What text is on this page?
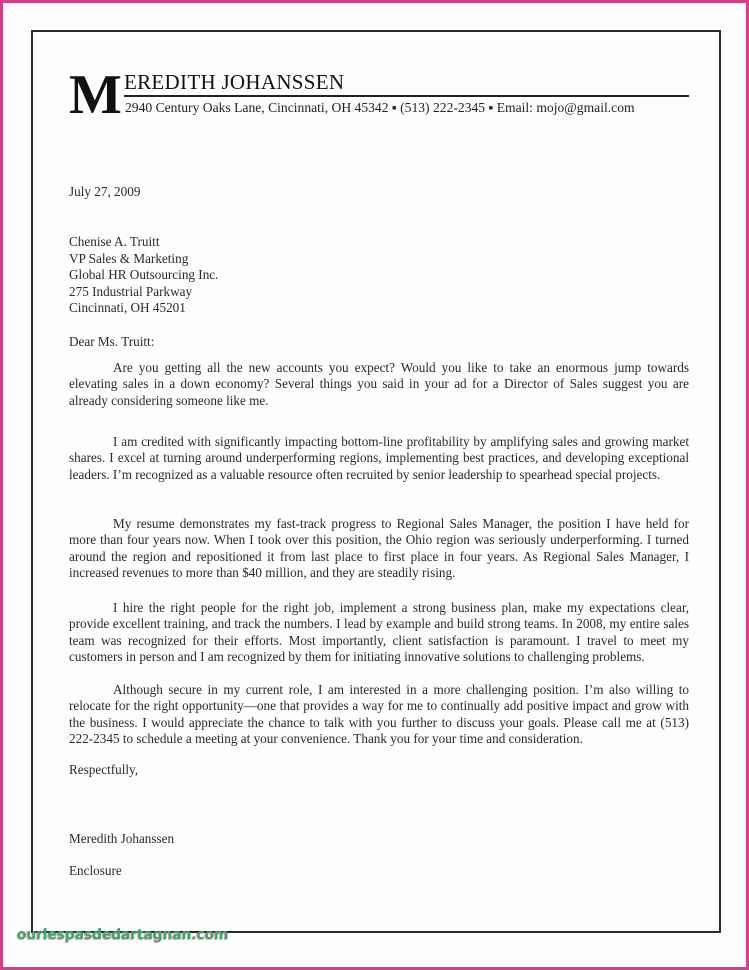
M EREDITH JOHANSSEN
2940 Century Oaks Lane, Cincinnati, OH 45342 ▪ (513) 222-2345 ▪ Email: mojo@gmail.com
July 27, 2009
Chenise A. Truitt
VP Sales & Marketing
Global HR Outsourcing Inc.
275 Industrial Parkway
Cincinnati, OH 45201
Dear Ms. Truitt:
Are you getting all the new accounts you expect? Would you like to take an enormous jump towards elevating sales in a down economy? Several things you said in your ad for a Director of Sales suggest you are already considering someone like me.
I am credited with significantly impacting bottom-line profitability by amplifying sales and growing market shares. I excel at turning around underperforming regions, implementing best practices, and developing exceptional leaders. I’m recognized as a valuable resource often recruited by senior leadership to spearhead special projects.
My resume demonstrates my fast-track progress to Regional Sales Manager, the position I have held for more than four years now. When I took over this position, the Ohio region was seriously underperforming. I turned around the region and repositioned it from last place to first place in four years. As Regional Sales Manager, I increased revenues to more than $40 million, and they are steadily rising.
I hire the right people for the right job, implement a strong business plan, make my expectations clear, provide excellent training, and track the numbers. I lead by example and build strong teams. In 2008, my entire sales team was recognized for their efforts. Most importantly, client satisfaction is paramount. I travel to meet my customers in person and I am recognized by them for initiating innovative solutions to challenging problems.
Although secure in my current role, I am interested in a more challenging position. I’m also willing to relocate for the right opportunity—one that provides a way for me to continually add positive impact and grow with the business. I would appreciate the chance to talk with you further to discuss your goals. Please call me at (513) 222-2345 to schedule a meeting at your convenience. Thank you for your time and consideration.
Respectfully,
Meredith Johanssen
Enclosure
ourlespasdedartagnan.com
